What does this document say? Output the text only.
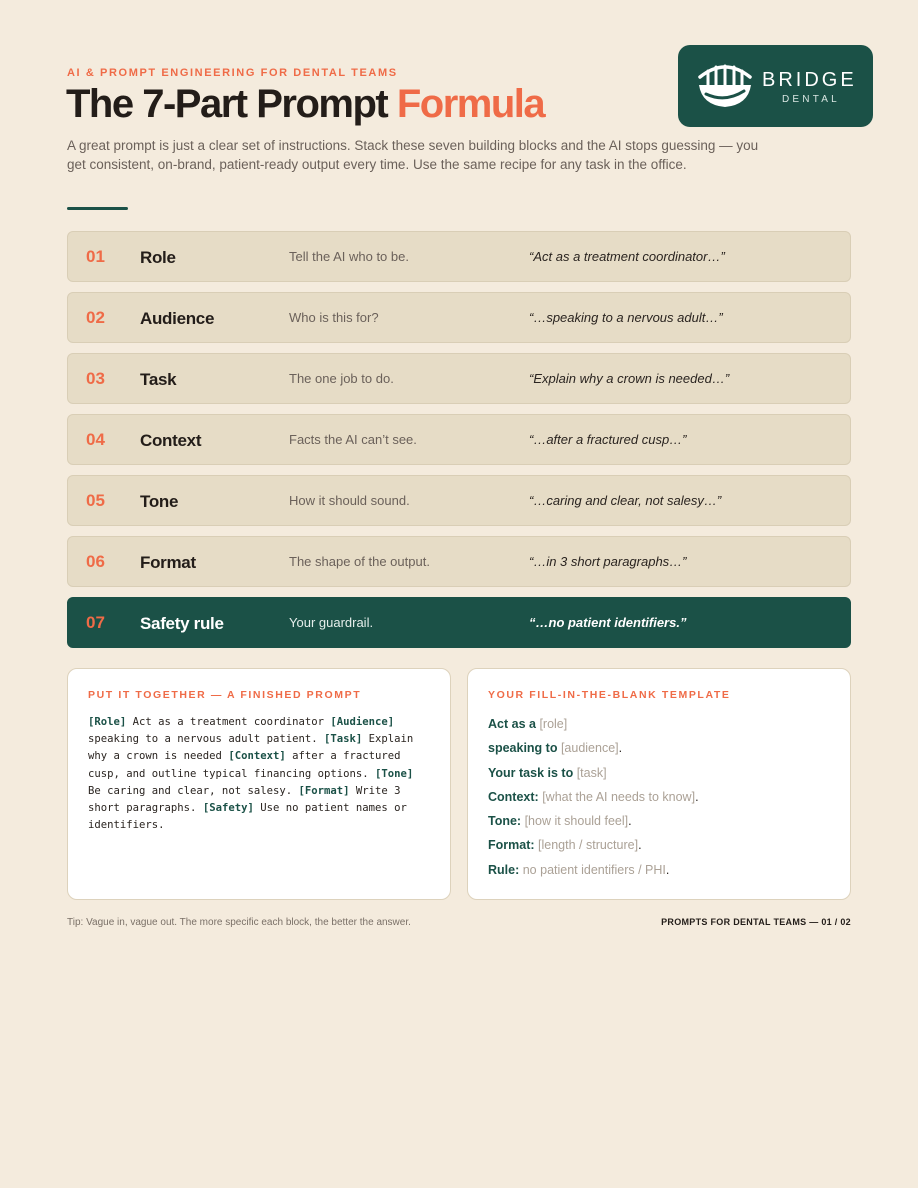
AI & PROMPT ENGINEERING FOR DENTAL TEAMS
The 7-Part Prompt Formula
A great prompt is just a clear set of instructions. Stack these seven building blocks and the AI stops guessing — you get consistent, on-brand, patient-ready output every time. Use the same recipe for any task in the office.
BRIDGE
DENTAL
01 Role	Tell the AI who to be.	“Act as a treatment coordinator…”
02 Audience	Who is this for?	“…speaking to a nervous adult…”
03 Task	The one job to do.	“Explain why a crown is needed…”
04 Context	Facts the AI can’t see.	“…after a fractured cusp…”
05 Tone	How it should sound.	“…caring and clear, not salesy…”
06 Format	The shape of the output.	“…in 3 short paragraphs…”
07 Safety rule	Your guardrail.	“…no patient identifiers.”
PUT IT TOGETHER — A FINISHED PROMPT
[Role] Act as a treatment coordinator [Audience] speaking to a nervous adult patient. [Task] Explain why a crown is needed [Context] after a fractured cusp, and outline typical financing options. [Tone] Be caring and clear, not salesy. [Format] Write 3 short paragraphs. [Safety] Use no patient names or identifiers.
YOUR FILL-IN-THE-BLANK TEMPLATE
Act as a [role]
speaking to [audience].
Your task is to [task]
Context: [what the AI needs to know].
Tone: [how it should feel].
Format: [length / structure].
Rule: no patient identifiers / PHI.
Tip: Vague in, vague out. The more specific each block, the better the answer.	PROMPTS FOR DENTAL TEAMS — 01 / 02
